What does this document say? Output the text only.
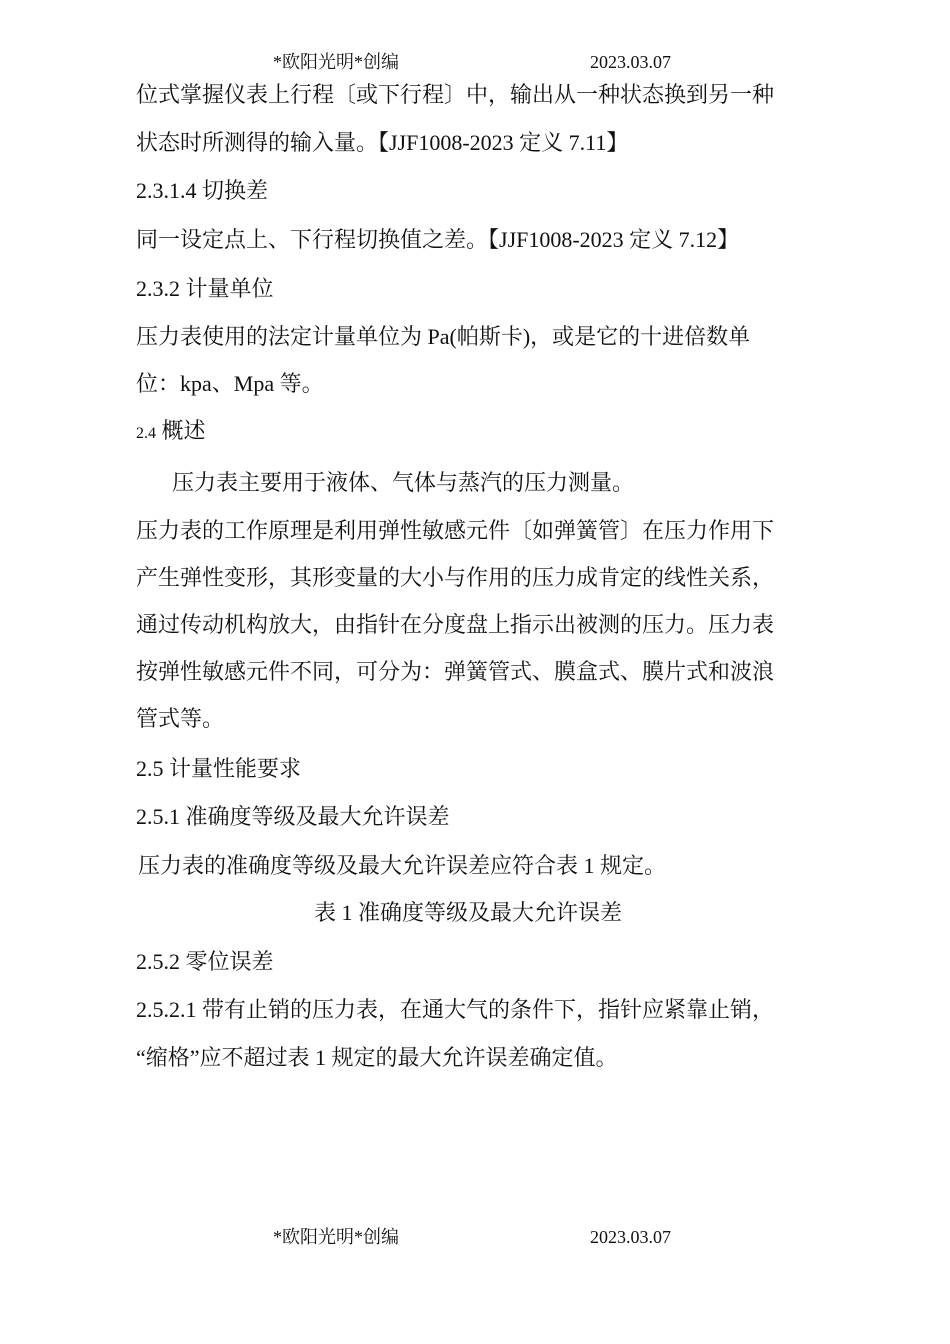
*欧阳光明*创编	2023.03.07
位式掌握仪表上行程〔或下行程〕中，输出从一种状态换到另一种
状态时所测得的输入量。【JJF1008-2023 定义 7.11】
2.3.1.4 切换差
同一设定点上、下行程切换值之差。【JJF1008-2023 定义 7.12】
2.3.2 计量单位
压力表使用的法定计量单位为 Pa(帕斯卡)，或是它的十进倍数单
位：kpa、Mpa 等。
2.4 概述
压力表主要用于液体、气体与蒸汽的压力测量。
压力表的工作原理是利用弹性敏感元件〔如弹簧管〕在压力作用下
产生弹性变形，其形变量的大小与作用的压力成肯定的线性关系，
通过传动机构放大，由指针在分度盘上指示出被测的压力。压力表
按弹性敏感元件不同，可分为：弹簧管式、膜盒式、膜片式和波浪
管式等。
2.5 计量性能要求
2.5.1 准确度等级及最大允许误差
压力表的准确度等级及最大允许误差应符合表 1 规定。
表 1 准确度等级及最大允许误差
2.5.2 零位误差
2.5.2.1 带有止销的压力表，在通大气的条件下，指针应紧靠止销，
“缩格”应不超过表 1 规定的最大允许误差确定值。
*欧阳光明*创编	2023.03.07
